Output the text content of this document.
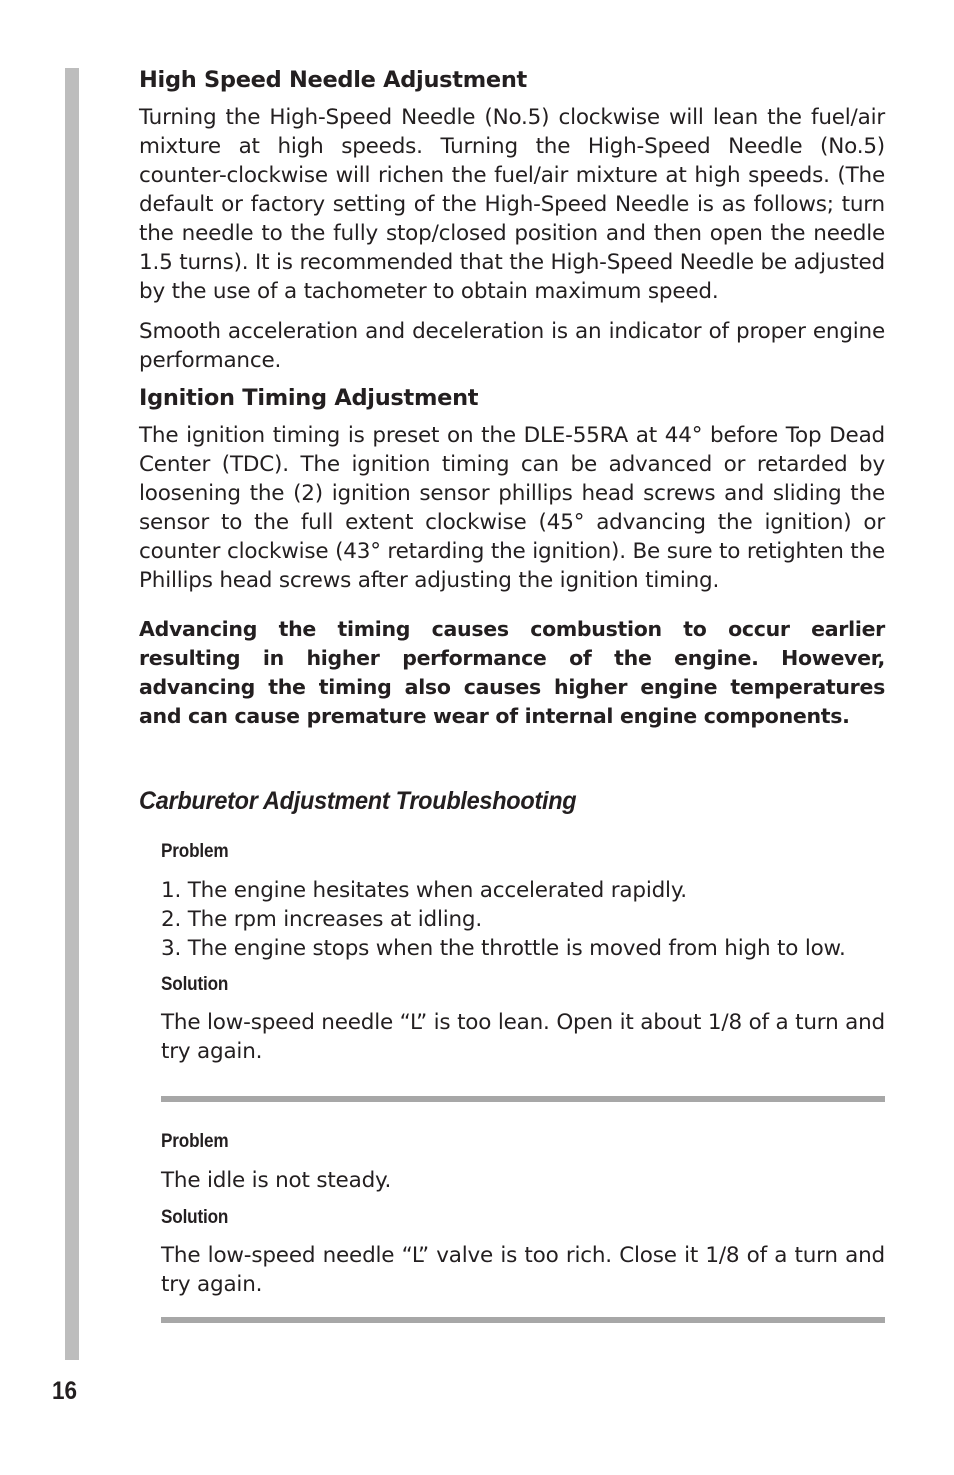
High Speed Needle Adjustment

Turning the High-Speed Needle (No.5) clockwise will lean the fuel/air mixture at high speeds. Turning the High-Speed Needle (No.5) counter-clockwise will richen the fuel/air mixture at high speeds. (The default or factory setting of the High-Speed Needle is as follows; turn the needle to the fully stop/closed position and then open the needle 1.5 turns). It is recommended that the High-Speed Needle be adjusted by the use of a tachometer to obtain maximum speed.

Smooth acceleration and deceleration is an indicator of proper engine performance.

Ignition Timing Adjustment

The ignition timing is preset on the DLE-55RA at 44° before Top Dead Center (TDC). The ignition timing can be advanced or retarded by loosening the (2) ignition sensor phillips head screws and sliding the sensor to the full extent clockwise (45° advancing the ignition) or counter clockwise (43° retarding the ignition). Be sure to retighten the Phillips head screws after adjusting the ignition timing.

Advancing the timing causes combustion to occur earlier resulting in higher performance of the engine. However, advancing the timing also causes higher engine temperatures and can cause premature wear of internal engine components.

Carburetor Adjustment Troubleshooting
Problem
1. The engine hesitates when accelerated rapidly.
2. The rpm increases at idling.
3. The engine stops when the throttle is moved from high to low.
Solution

The low-speed needle “L” is too lean. Open it about 1/8 of a turn and try again.

Problem

The idle is not steady.

Solution

The low-speed needle “L” valve is too rich. Close it 1/8 of a turn and try again.

16
